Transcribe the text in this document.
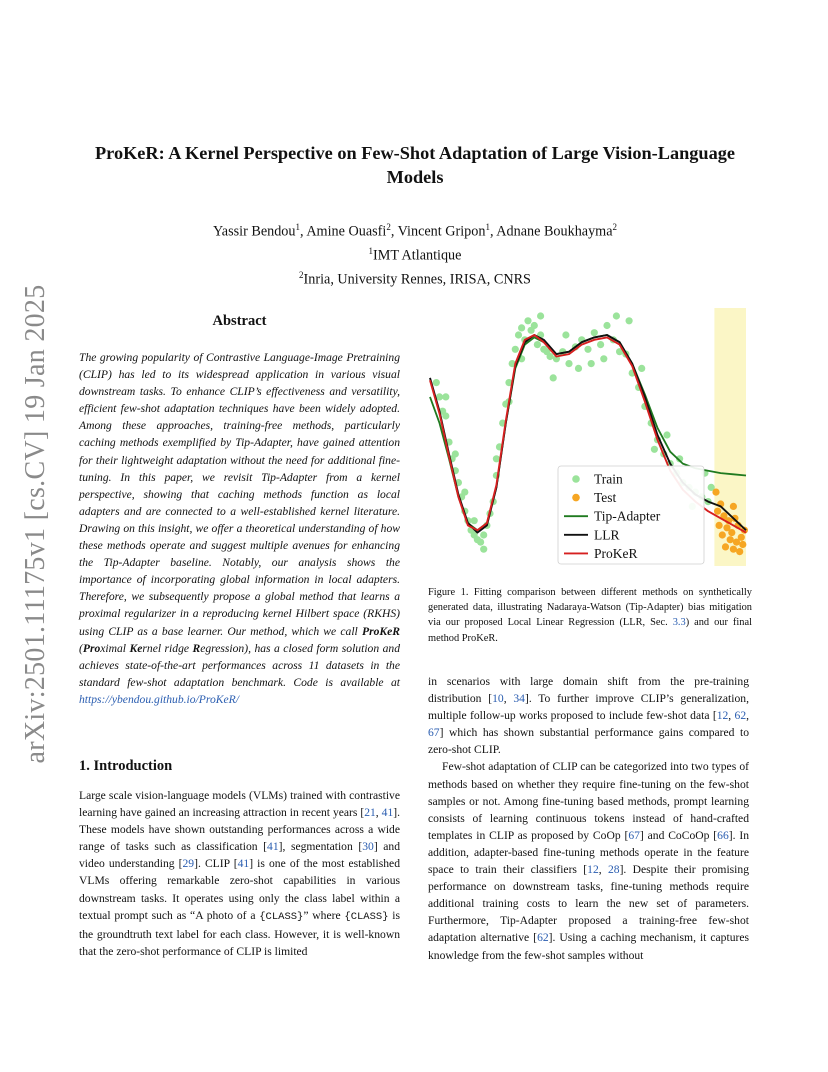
arXiv:2501.11175v1 [cs.CV] 19 Jan 2025
ProKeR: A Kernel Perspective on Few-Shot Adaptation of Large Vision-Language Models
Yassir Bendou$^1$, Amine Ouasfi$^2$, Vincent Gripon$^1$, Adnane Boukhayma$^2$
$^1$IMT Atlantique
$^2$Inria, University Rennes, IRISA, CNRS
Abstract
The growing popularity of Contrastive Language-Image Pretraining (CLIP) has led to its widespread application in various visual downstream tasks. To enhance CLIP’s effectiveness and versatility, efficient few-shot adaptation techniques have been widely adopted. Among these approaches, training-free methods, particularly caching methods exemplified by Tip-Adapter, have gained attention for their lightweight adaptation without the need for additional fine-tuning. In this paper, we revisit Tip-Adapter from a kernel perspective, showing that caching methods function as local adapters and are connected to a well-established kernel literature. Drawing on this insight, we offer a theoretical understanding of how these methods operate and suggest multiple avenues for enhancing the Tip-Adapter baseline. Notably, our analysis shows the importance of incorporating global information in local adapters. Therefore, we subsequently propose a global method that learns a proximal regularizer in a reproducing kernel Hilbert space (RKHS) using CLIP as a base learner. Our method, which we call ProKeR (Proximal Kernel ridge Regression), has a closed form solution and achieves state-of-the-art performances across 11 datasets in the standard few-shot adaptation benchmark. Code is available at https://ybendou.github.io/ProKeR/
Train
Test
Tip-Adapter
LLR
ProKeR
Figure 1. Fitting comparison between different methods on synthetically generated data, illustrating Nadaraya-Watson (Tip-Adapter) bias mitigation via our proposed Local Linear Regression (LLR, Sec. 3.3) and our final method ProKeR.
1. Introduction

Large scale vision-language models (VLMs) trained with contrastive learning have gained an increasing attraction in recent years [21, 41]. These models have shown outstanding performances across a wide range of tasks such as classification [41], segmentation [30] and video understanding [29]. CLIP [41] is one of the most established VLMs offering remarkable zero-shot capabilities in various downstream tasks. It operates using only the class label within a textual prompt such as “A photo of a {CLASS}” where {CLASS} is the groundtruth text label for each class. However, it is well-known that the zero-shot performance of CLIP is limited

in scenarios with large domain shift from the pre-training distribution [10, 34]. To further improve CLIP’s generalization, multiple follow-up works proposed to include few-shot data [12, 62, 67] which has shown substantial performance gains compared to zero-shot CLIP.

Few-shot adaptation of CLIP can be categorized into two types of methods based on whether they require fine-tuning on the few-shot samples or not. Among fine-tuning based methods, prompt learning consists of learning continuous tokens instead of hand-crafted templates in CLIP as proposed by CoOp [67] and CoCoOp [66]. In addition, adapter-based fine-tuning methods operate in the feature space to train their classifiers [12, 28]. Despite their promising performance on downstream tasks, fine-tuning methods require additional training costs to learn the new set of parameters. Furthermore, Tip-Adapter proposed a training-free few-shot adaptation alternative [62]. Using a caching mechanism, it captures knowledge from the few-shot samples without
